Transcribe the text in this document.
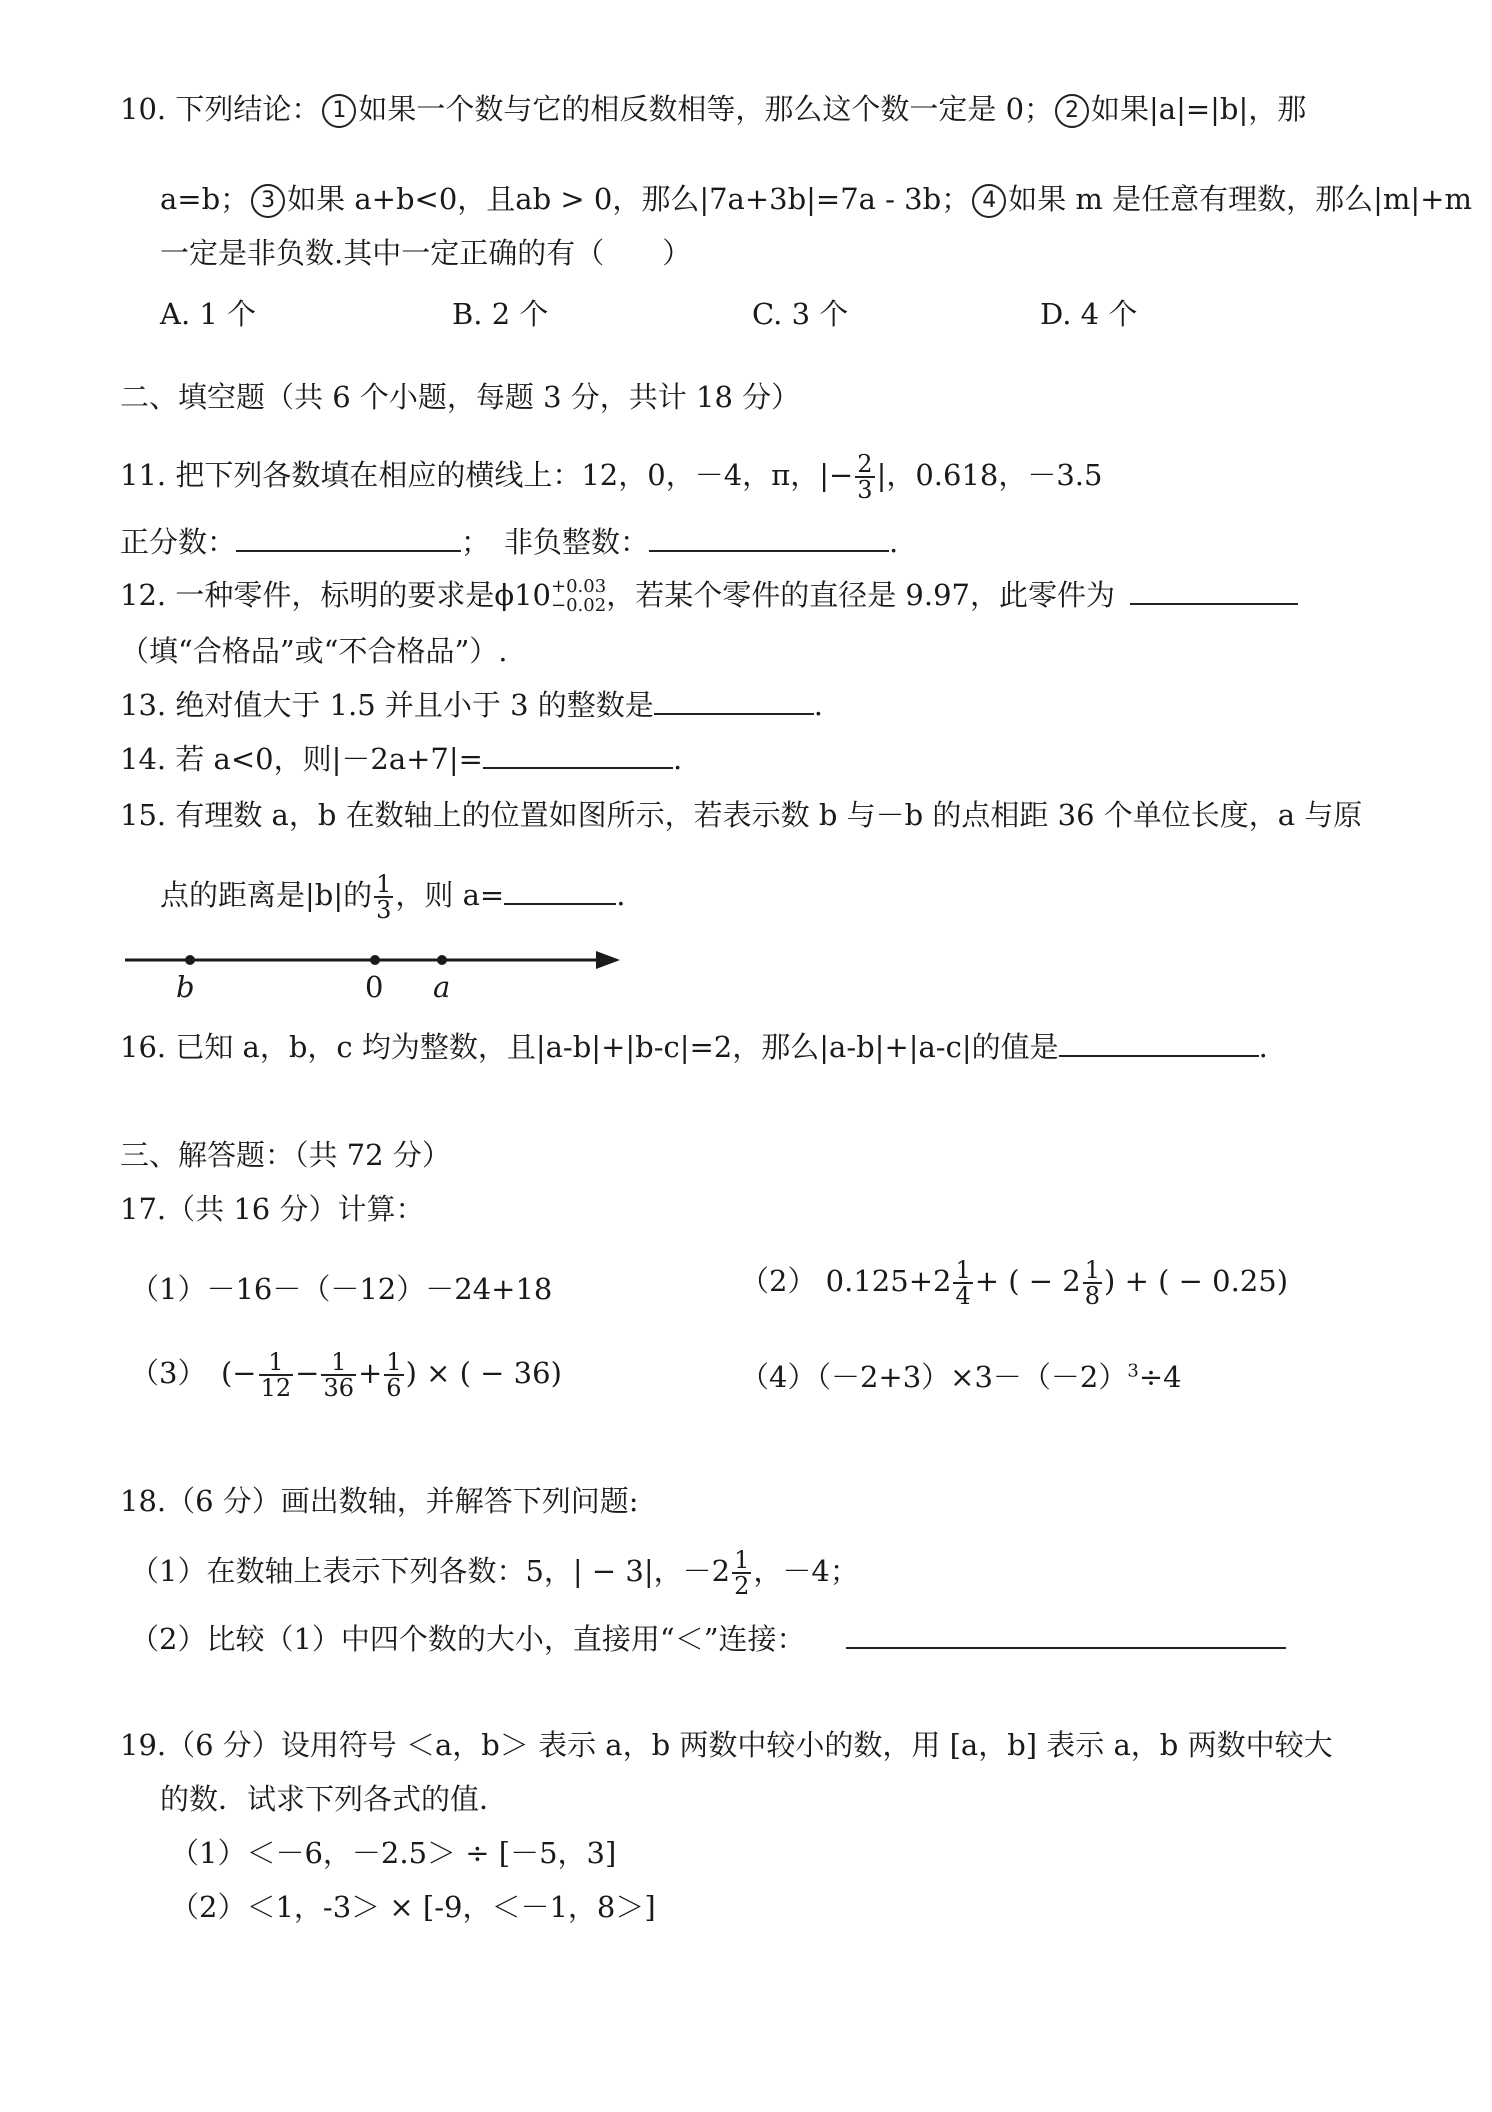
10. 下列结论： 1 如果一个数与它的相反数相等，那么这个数一定是 0； 2 如果|a|=|b|，那
a=b； 3 如果 a+b<0，且ab > 0，那么|7a+3b|=7a - 3b； 4 如果 m 是任意有理数，那么|m|+m
一定是非负数.其中一定正确的有（　　）
A. 1 个	B. 2 个	C. 3 个	D. 4 个
二、填空题（共 6 个小题，每题 3 分，共计 18 分）
11. 把下列各数填在相应的横线上：12，0，－4，π，|− $\frac{2}{3}$ |，0.618，－3.5
正分数：	； 非负整数：	.
12. 一种零件，标明的要求是ϕ10 +0.03
−0.02 ，若某个零件的直径是 9.97，此零件为
（填“合格品”或“不合格品”）.
13. 绝对值大于 1.5 并且小于 3 的整数是	.
14. 若 a<0，则|－2a+7|=	.
15. 有理数 a，b 在数轴上的位置如图所示，若表示数 b 与－b 的点相距 36 个单位长度，a 与原
点的距离是|b|的 $\frac{1}{3}$ ，则 a=	.
b	0 a
16. 已知 a，b，c 均为整数，且|a-b|+|b-c|=2，那么|a-b|+|a-c|的值是	.
三、解答题：（共 72 分）
17.（共 16 分）计算：
（1）－16－（－12）－24+18	（2） $0.125+2 \frac{1}{4}$ + ( − $2 \frac{1}{8}$ ) + ( − 0.25)
（3）　(− $\frac{1}{12} - \frac{1}{36} + \frac{1}{6}$ ) × ( − 36)	$(4)(-2+3)\times 3-(-2)^3\div 4$
18.（6 分）画出数轴，并解答下列问题:
（1）在数轴上表示下列各数：5，| − 3|，$-2 \frac{1}{2}$ ，－4；
（2）比较（1）中四个数的大小，直接用“＜”连接：
19.（6 分）设用符号 ＜a，b＞ 表示 a，b 两数中较小的数，用 [a，b] 表示 a，b 两数中较大
的数．试求下列各式的值．
（1）＜－6，－2.5＞ ÷ [－5，3]
（2）＜1，-3＞ × [-9，＜－1，8＞]
